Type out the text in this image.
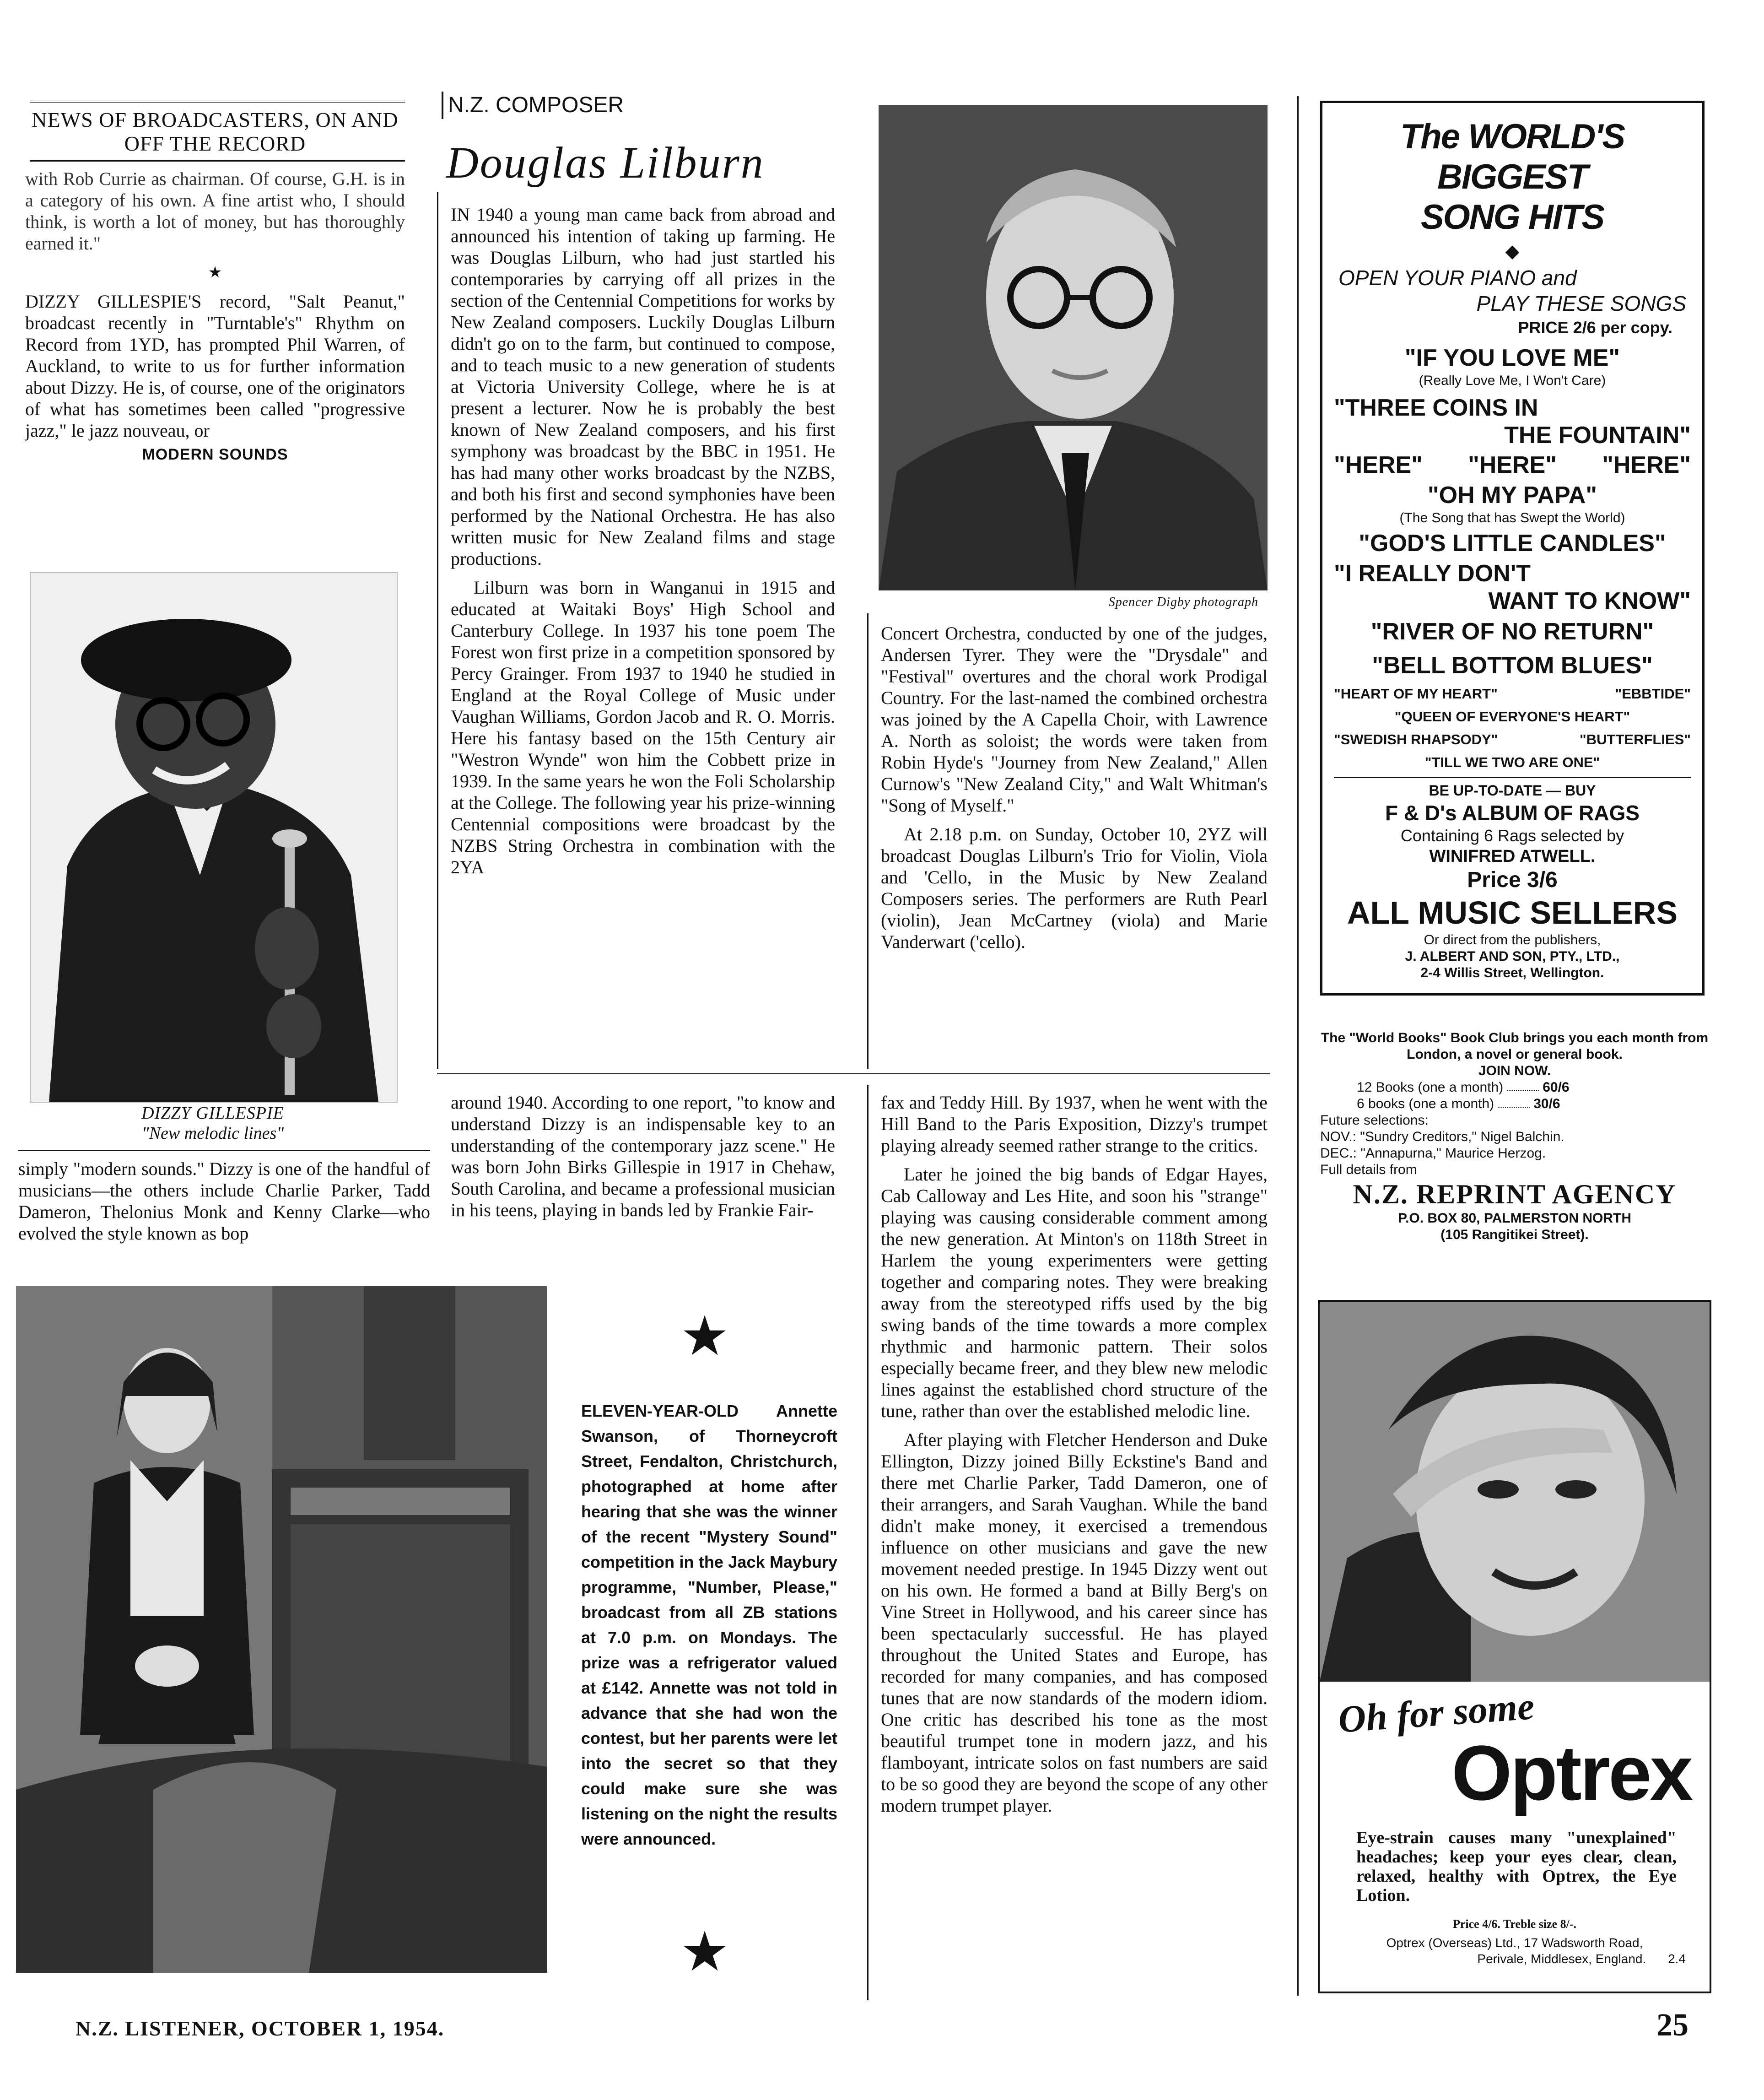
NEWS OF BROADCASTERS, ON AND OFF THE RECORD

with Rob Currie as chairman. Of course, G.H. is in a category of his own. A fine artist who, I should think, is worth a lot of money, but has thoroughly earned it."

★

DIZZY GILLESPIE'S record, "Salt Peanut," broadcast recently in "Turntable's" Rhythm on Record from 1YD, has prompted Phil Warren, of Auckland, to write to us for further information about Dizzy. He is, of course, one of the originators of what has sometimes been called "progressive jazz," le jazz nouveau, or

MODERN SOUNDS
DIZZY GILLESPIE
"New melodic lines"

simply "modern sounds." Dizzy is one of the handful of musicians—the others include Charlie Parker, Tadd Dameron, Thelonius Monk and Kenny Clarke—who evolved the style known as bop

N.Z. COMPOSER
Douglas Lilburn

IN 1940 a young man came back from abroad and announced his intention of taking up farming. He was Douglas Lilburn, who had just startled his contemporaries by carrying off all prizes in the section of the Centennial Competitions for works by New Zealand composers. Luckily Douglas Lilburn didn't go on to the farm, but continued to compose, and to teach music to a new generation of students at Victoria University College, where he is at present a lecturer. Now he is probably the best known of New Zealand composers, and his first symphony was broadcast by the BBC in 1951. He has had many other works broadcast by the NZBS, and both his first and second symphonies have been performed by the National Orchestra. He has also written music for New Zealand films and stage productions.

Lilburn was born in Wanganui in 1915 and educated at Waitaki Boys' High School and Canterbury College. In 1937 his tone poem The Forest won first prize in a competition sponsored by Percy Grainger. From 1937 to 1940 he studied in England at the Royal College of Music under Vaughan Williams, Gordon Jacob and R. O. Morris. Here his fantasy based on the 15th Century air "Westron Wynde" won him the Cobbett prize in 1939. In the same years he won the Foli Scholarship at the College. The following year his prize-winning Centennial compositions were broadcast by the NZBS String Orchestra in combination with the 2YA

Spencer Digby photograph

Concert Orchestra, conducted by one of the judges, Andersen Tyrer. They were the "Drysdale" and "Festival" overtures and the choral work Prodigal Country. For the last-named the combined orchestra was joined by the A Capella Choir, with Lawrence A. North as soloist; the words were taken from Robin Hyde's "Journey from New Zealand," Allen Curnow's "New Zealand City," and Walt Whitman's "Song of Myself."

At 2.18 p.m. on Sunday, October 10, 2YZ will broadcast Douglas Lilburn's Trio for Violin, Viola and 'Cello, in the Music by New Zealand Composers series. The performers are Ruth Pearl (violin), Jean McCartney (viola) and Marie Vanderwart ('cello).

around 1940. According to one report, "to know and understand Dizzy is an indispensable key to an understanding of the contemporary jazz scene." He was born John Birks Gillespie in 1917 in Chehaw, South Carolina, and became a professional musician in his teens, playing in bands led by Frankie Fair-

fax and Teddy Hill. By 1937, when he went with the Hill Band to the Paris Exposition, Dizzy's trumpet playing already seemed rather strange to the critics.

Later he joined the big bands of Edgar Hayes, Cab Calloway and Les Hite, and soon his "strange" playing was causing considerable comment among the new generation. At Minton's on 118th Street in Harlem the young experimenters were getting together and comparing notes. They were breaking away from the stereotyped riffs used by the big swing bands of the time towards a more complex rhythmic and harmonic pattern. Their solos especially became freer, and they blew new melodic lines against the established chord structure of the tune, rather than over the established melodic line.

After playing with Fletcher Henderson and Duke Ellington, Dizzy joined Billy Eckstine's Band and there met Charlie Parker, Tadd Dameron, one of their arrangers, and Sarah Vaughan. While the band didn't make money, it exercised a tremendous influence on other musicians and gave the new movement needed prestige. In 1945 Dizzy went out on his own. He formed a band at Billy Berg's on Vine Street in Hollywood, and his career since has been spectacularly successful. He has played throughout the United States and Europe, has recorded for many companies, and has composed tunes that are now standards of the modern idiom. One critic has described his tone as the most beautiful trumpet tone in modern jazz, and his flamboyant, intricate solos on fast numbers are said to be so good they are beyond the scope of any other modern trumpet player.

★

ELEVEN-YEAR-OLD Annette Swanson, of Thorneycroft Street, Fendalton, Christchurch, photographed at home after hearing that she was the winner of the recent "Mystery Sound" competition in the Jack Maybury programme, "Number, Please," broadcast from all ZB stations at 7.0 p.m. on Mondays. The prize was a refrigerator valued at £142. Annette was not told in advance that she had won the contest, but her parents were let into the secret so that they could make sure she was listening on the night the results were announced.

★
The WORLD'S BIGGEST
SONG HITS
◆
OPEN YOUR PIANO and
PLAY THESE SONGS
PRICE 2/6 per copy.
"IF YOU LOVE ME"
(Really Love Me, I Won't Care)
"THREE COINS IN
THE FOUNTAIN"
"HERE" "HERE" "HERE"
"OH MY PAPA"
(The Song that has Swept the World)
"GOD'S LITTLE CANDLES"
"I REALLY DON'T
WANT TO KNOW"
"RIVER OF NO RETURN"
"BELL BOTTOM BLUES"
"HEART OF MY HEART"	"EBBTIDE"
"QUEEN OF EVERYONE'S HEART"
"SWEDISH RHAPSODY"	"BUTTERFLIES"
"TILL WE TWO ARE ONE"
BE UP-TO-DATE — BUY
F & D's ALBUM OF RAGS
Containing 6 Rags selected by
WINIFRED ATWELL.
Price 3/6
ALL MUSIC SELLERS
Or direct from the publishers,
J. ALBERT AND SON, PTY., LTD.,
2-4 Willis Street, Wellington.
The "World Books" Book Club brings you each month from London, a novel or general book.
JOIN NOW.
12 Books (one a month)	60/6
6 books (one a month)	30/6
Future selections:
NOV.: "Sundry Creditors," Nigel Balchin.
DEC.: "Annapurna," Maurice Herzog.
Full details from
N.Z. REPRINT AGENCY
P.O. BOX 80, PALMERSTON NORTH
(105 Rangitikei Street).
Oh for some
Optrex

Eye-strain causes many "unexplained" headaches; keep your eyes clear, clean, relaxed, healthy with Optrex, the Eye Lotion.

Price 4/6. Treble size 8/-.
Optrex (Overseas) Ltd., 17 Wadsworth Road,
Perivale, Middlesex, England. 2.4
N.Z. LISTENER, OCTOBER 1, 1954.	25
